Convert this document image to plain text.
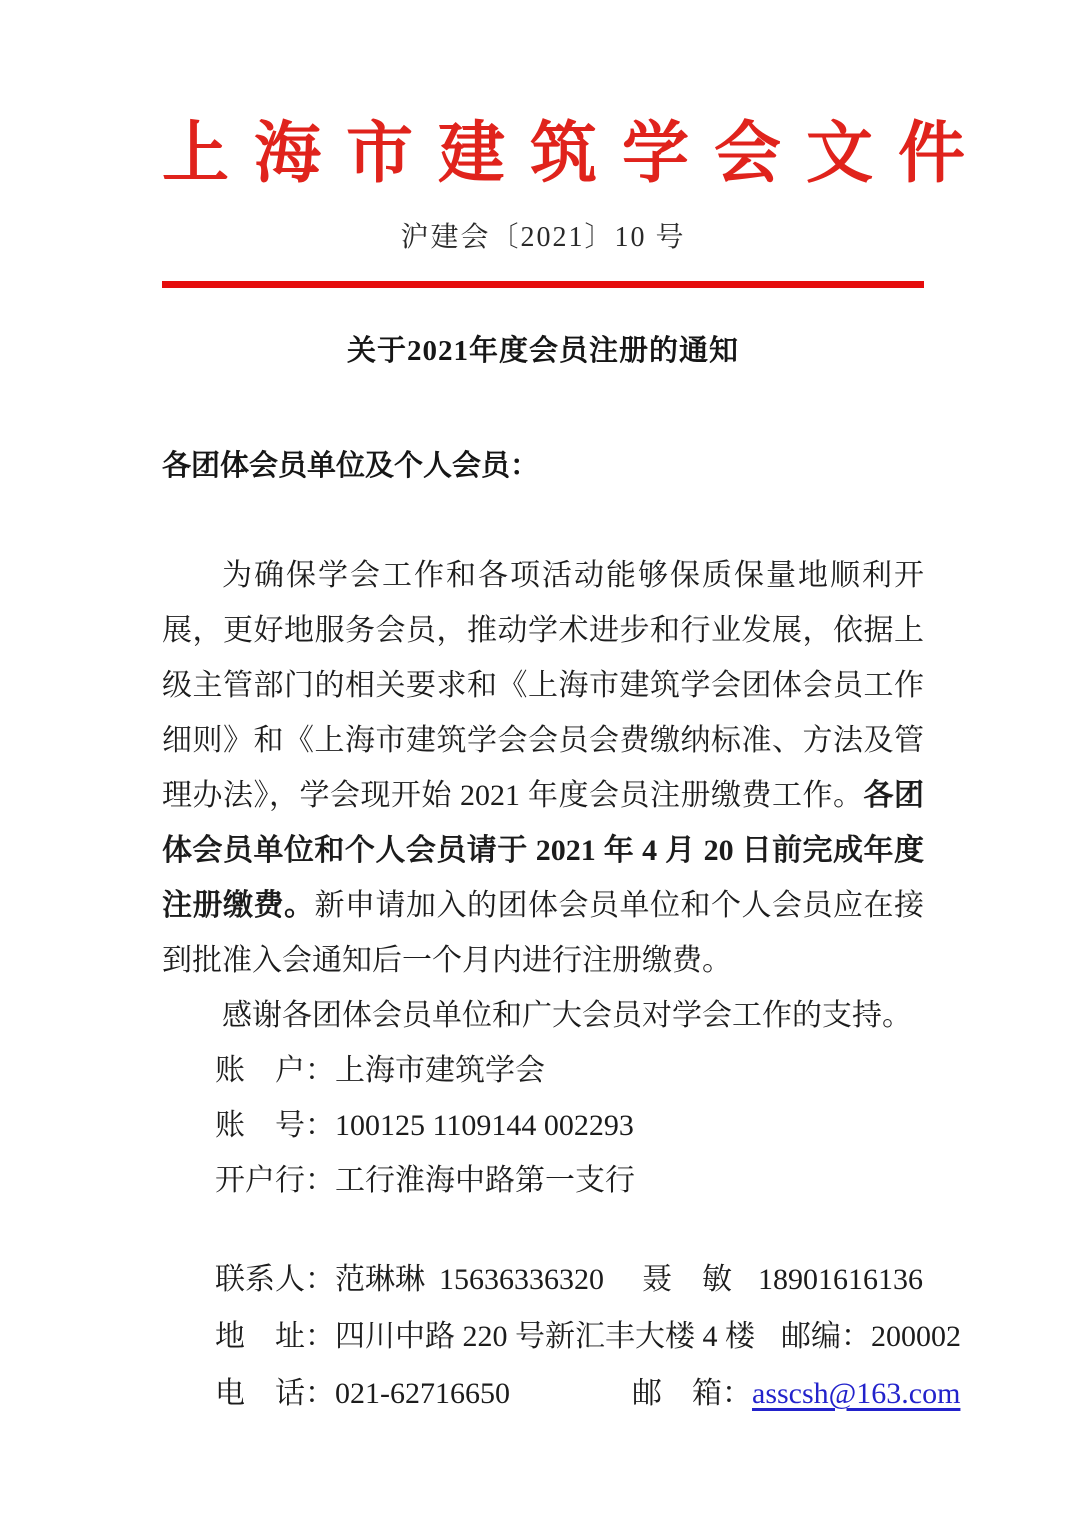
上海市建筑学会文件
沪建会〔2021〕10 号
关于2021年度会员注册的通知
各团体会员单位及个人会员：
为确保学会工作和各项活动能够保质保量地顺利开展，更好地服务会员，推动学术进步和行业发展，依据上级主管部门的相关要求和《上海市建筑学会团体会员工作细则》和《上海市建筑学会会员会费缴纳标准、方法及管理办法》，学会现开始 2021 年度会员注册缴费工作。各团体会员单位和个人会员请于 2021 年 4 月 20 日前完成年度注册缴费。新申请加入的团体会员单位和个人会员应在接到批准入会通知后一个月内进行注册缴费。
感谢各团体会员单位和广大会员对学会工作的支持。
账　户：上海市建筑学会
账　号：100125 1109144 002293
开户行：工行淮海中路第一支行
联系人：范琳琳 15636336320 聂　敏 18901616136
地　址：四川中路 220 号新汇丰大楼 4 楼 邮编：200002
电　话：021-62716650	邮　箱：asscsh@163.com
